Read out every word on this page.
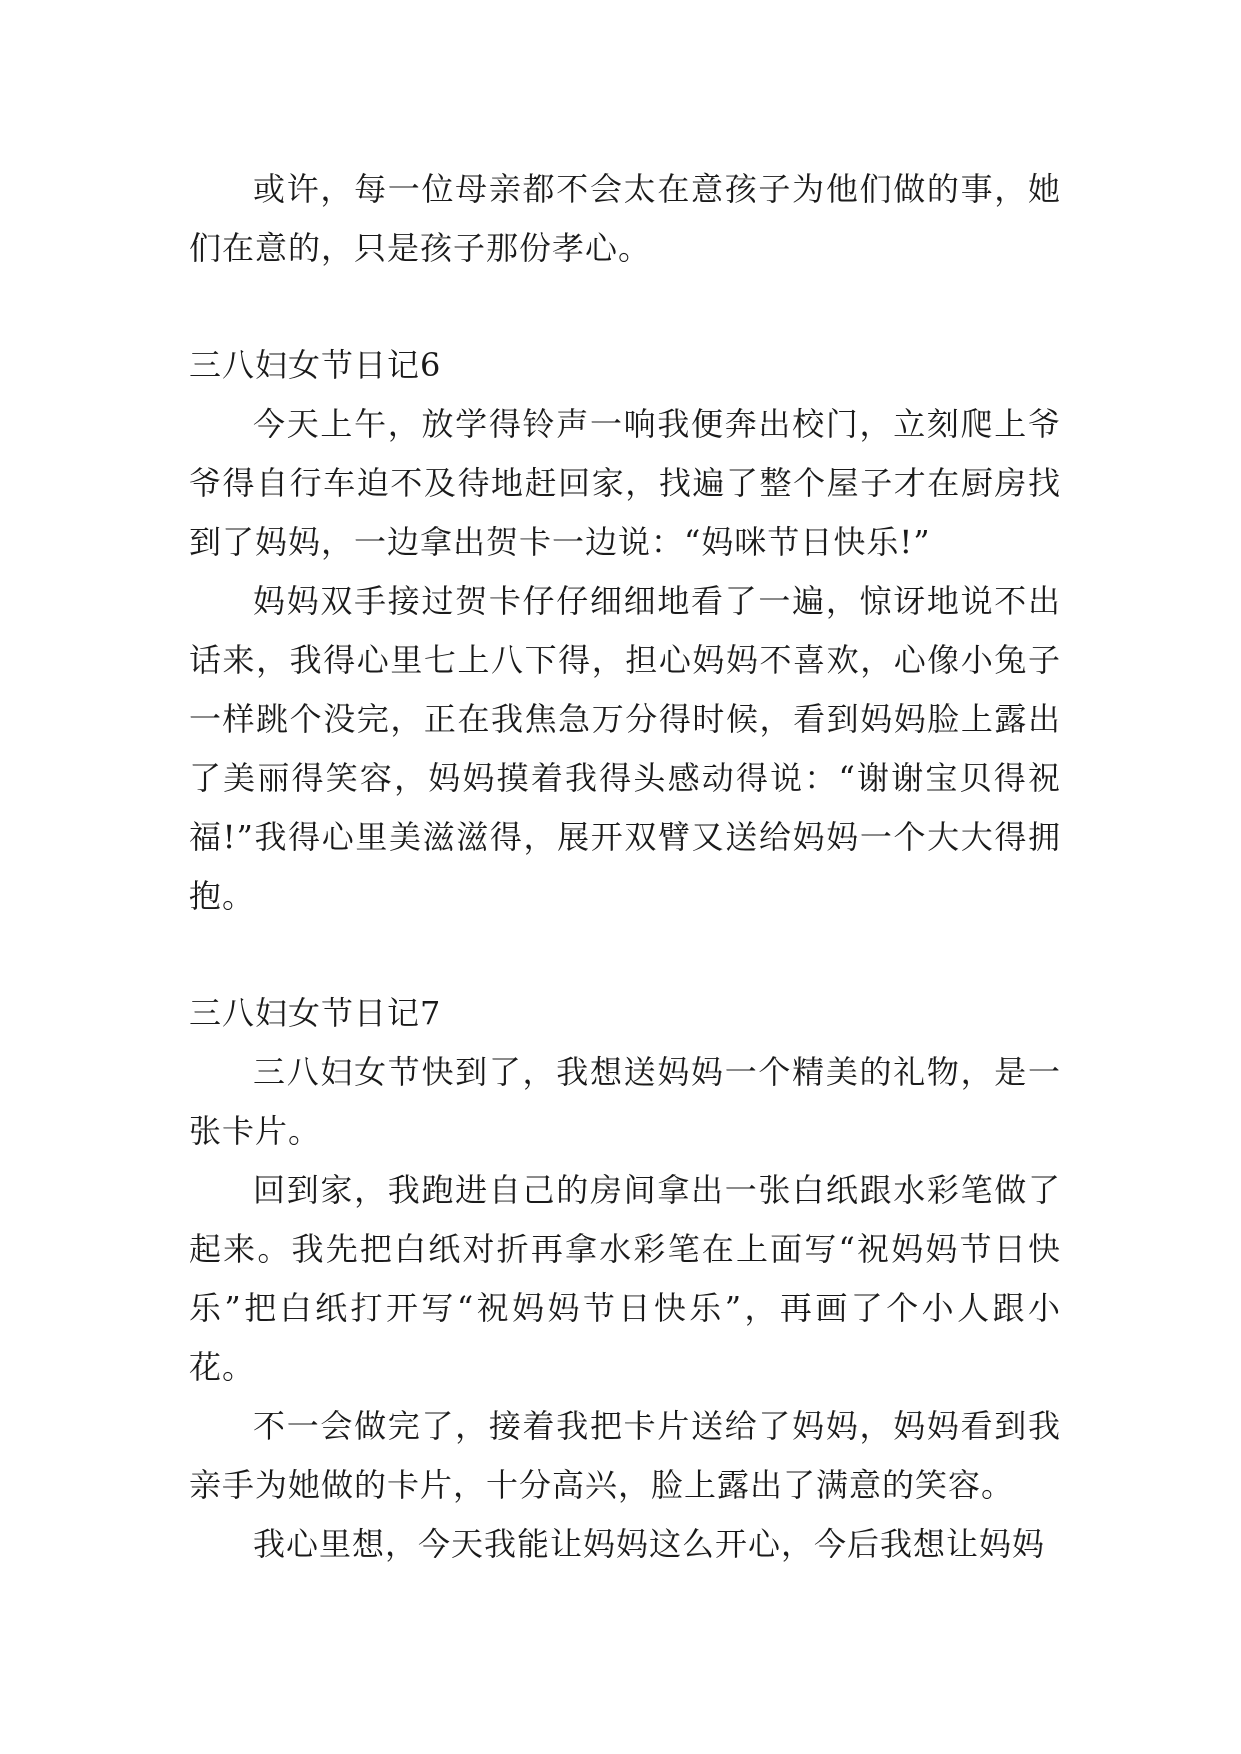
或许，每一位母亲都不会太在意孩子为他们做的事，她们在意的，只是孩子那份孝心。

三八妇女节日记6

今天上午，放学得铃声一响我便奔出校门，立刻爬上爷爷得自行车迫不及待地赶回家，找遍了整个屋子才在厨房找到了妈妈，一边拿出贺卡一边说：“妈咪节日快乐!”

妈妈双手接过贺卡仔仔细细地看了一遍，惊讶地说不出话来，我得心里七上八下得，担心妈妈不喜欢，心像小兔子一样跳个没完，正在我焦急万分得时候，看到妈妈脸上露出了美丽得笑容，妈妈摸着我得头感动得说：“谢谢宝贝得祝福!”我得心里美滋滋得，展开双臂又送给妈妈一个大大得拥抱。

三八妇女节日记7

三八妇女节快到了，我想送妈妈一个精美的礼物，是一张卡片。

回到家，我跑进自己的房间拿出一张白纸跟水彩笔做了起来。我先把白纸对折再拿水彩笔在上面写“祝妈妈节日快乐”把白纸打开写“祝妈妈节日快乐”，再画了个小人跟小花。

不一会做完了，接着我把卡片送给了妈妈，妈妈看到我亲手为她做的卡片，十分高兴，脸上露出了满意的笑容。

我心里想，今天我能让妈妈这么开心，今后我想让妈妈
